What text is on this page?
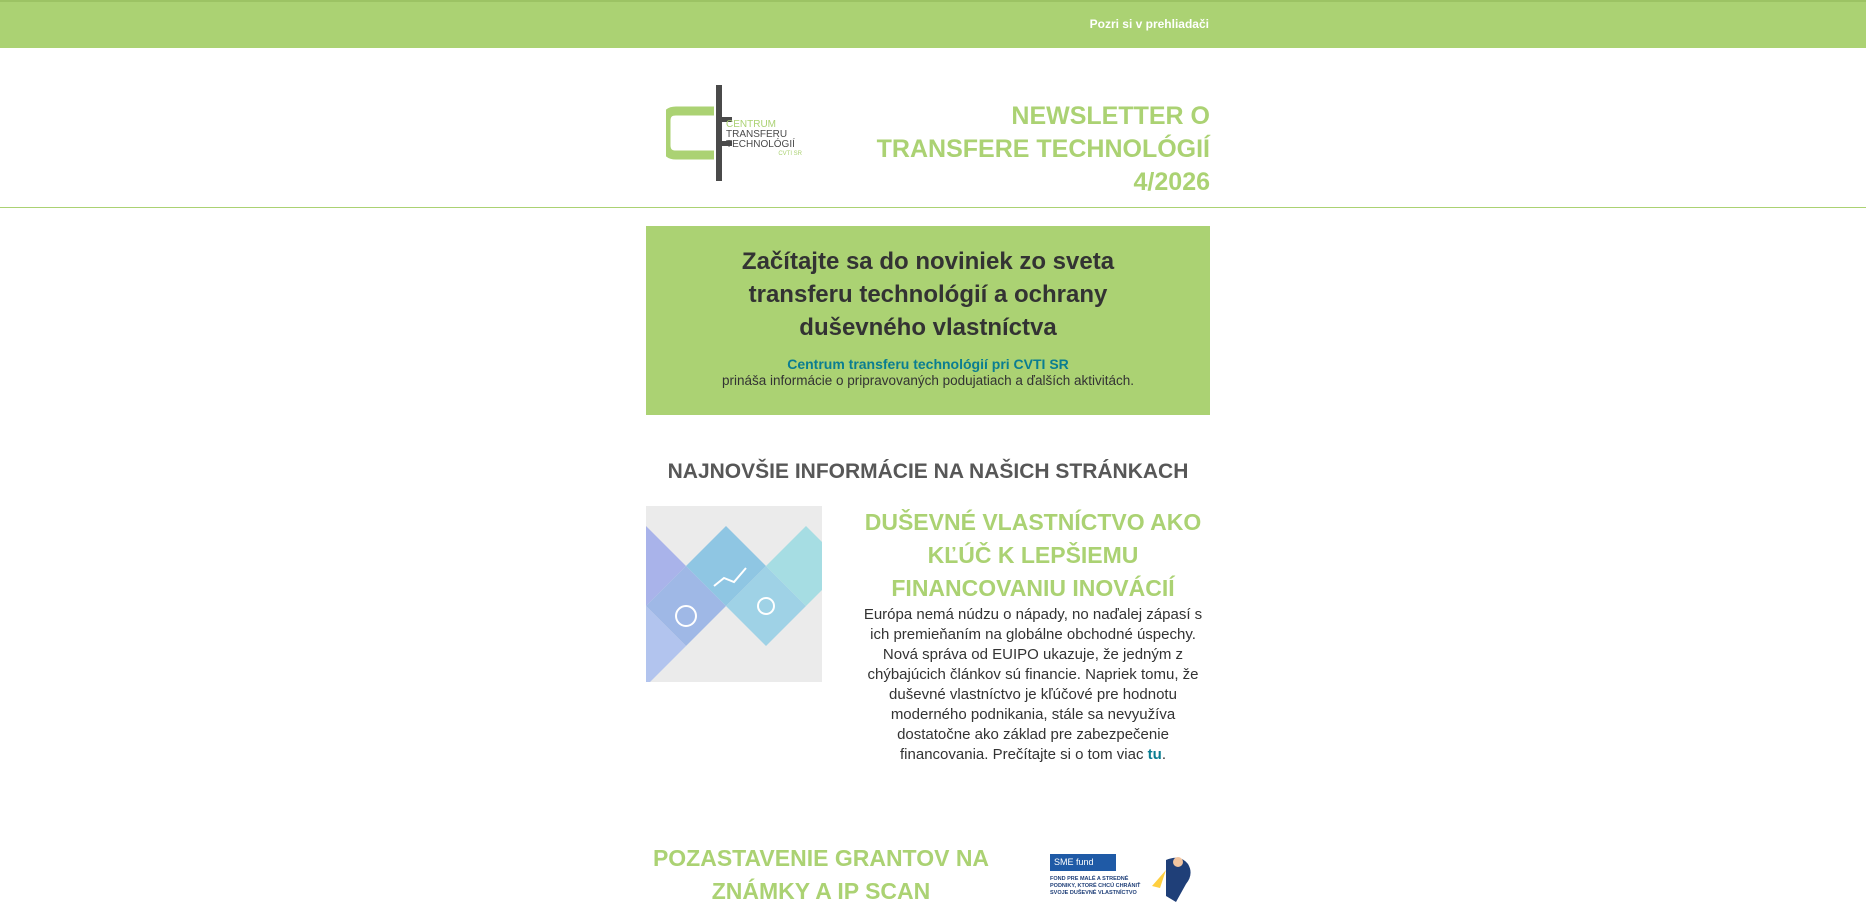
Pozri si v prehliadači
CENTRUM
TRANSFERU
TECHNOLÓGIÍ
CVTI SR
NEWSLETTER O
TRANSFERE TECHNOLÓGIÍ
4/2026
Začítajte sa do noviniek zo sveta transferu technológií a ochrany duševného vlastníctva
Centrum transferu technológií pri CVTI SR
prináša informácie o pripravovaných podujatiach a ďalších aktivitách.
NAJNOVŠIE INFORMÁCIE NA NAŠICH STRÁNKACH
DUŠEVNÉ VLASTNÍCTVO AKO KĽÚČ K LEPŠIEMU FINANCOVANIU INOVÁCIÍ
Európa nemá núdzu o nápady, no naďalej zápasí s ich premieňaním na globálne obchodné úspechy. Nová správa od EUIPO ukazuje, že jedným z chýbajúcich článkov sú financie. Napriek tomu, že duševné vlastníctvo je kľúčové pre hodnotu moderného podnikania, stále sa nevyužíva dostatočne ako základ pre zabezpečenie financovania. Prečítajte si o tom viac tu.
POZASTAVENIE GRANTOV NA ZNÁMKY A IP SCAN
SME fund
FOND PRE MALÉ A STREDNÉ PODNIKY, KTORÉ CHCÚ CHRÁNIŤ SVOJE DUŠEVNÉ VLASTNÍCTVO
